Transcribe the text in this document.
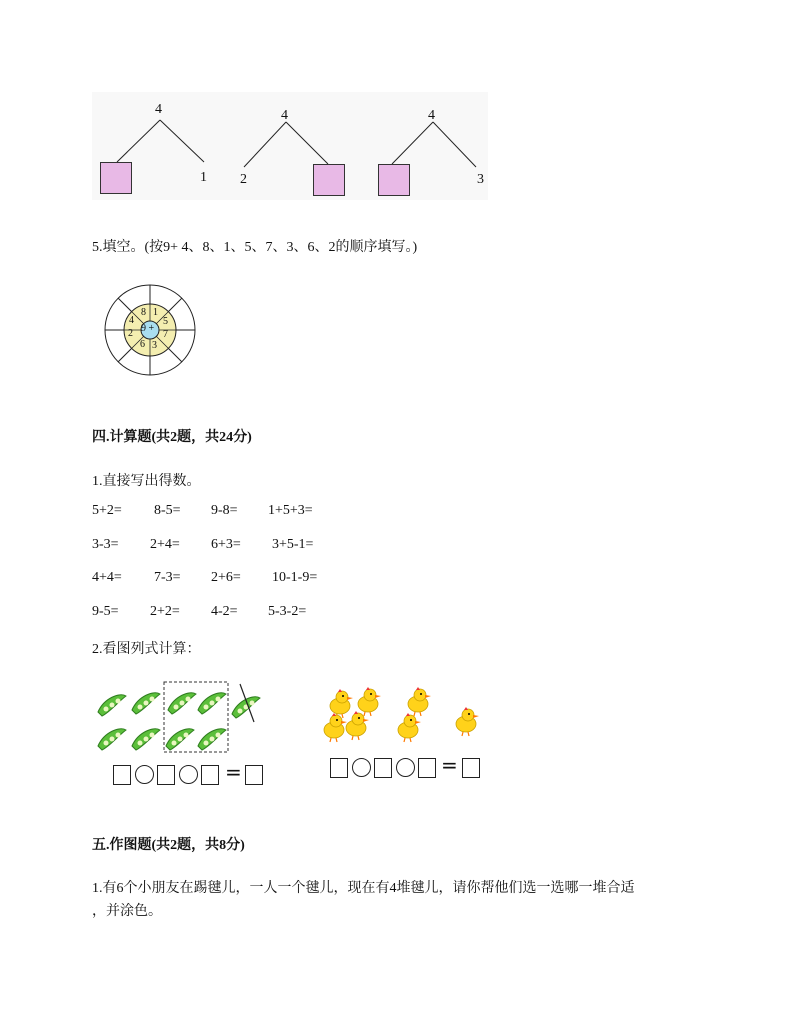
4
1
4
2
4
3
5.填空。(按9+ 4、8、1、5、7、3、6、2的顺序填写。)
9 +
8 1
5
7
3
6
2
4
四.计算题(共2题，共24分)
1.直接写出得数。
5+2= 8-5= 9-8= 1+5+3=
3-3= 2+4= 6+3= 3+5-1=
4+4= 7-3= 2+6= 10-1-9=
9-5= 2+2= 4-2= 5-3-2=
2.看图列式计算：
=	=
五.作图题(共2题，共8分)
1.有6个小朋友在踢毽儿，一人一个毽儿，现在有4堆毽儿，请你帮他们选一选哪一堆合适
，并涂色。
